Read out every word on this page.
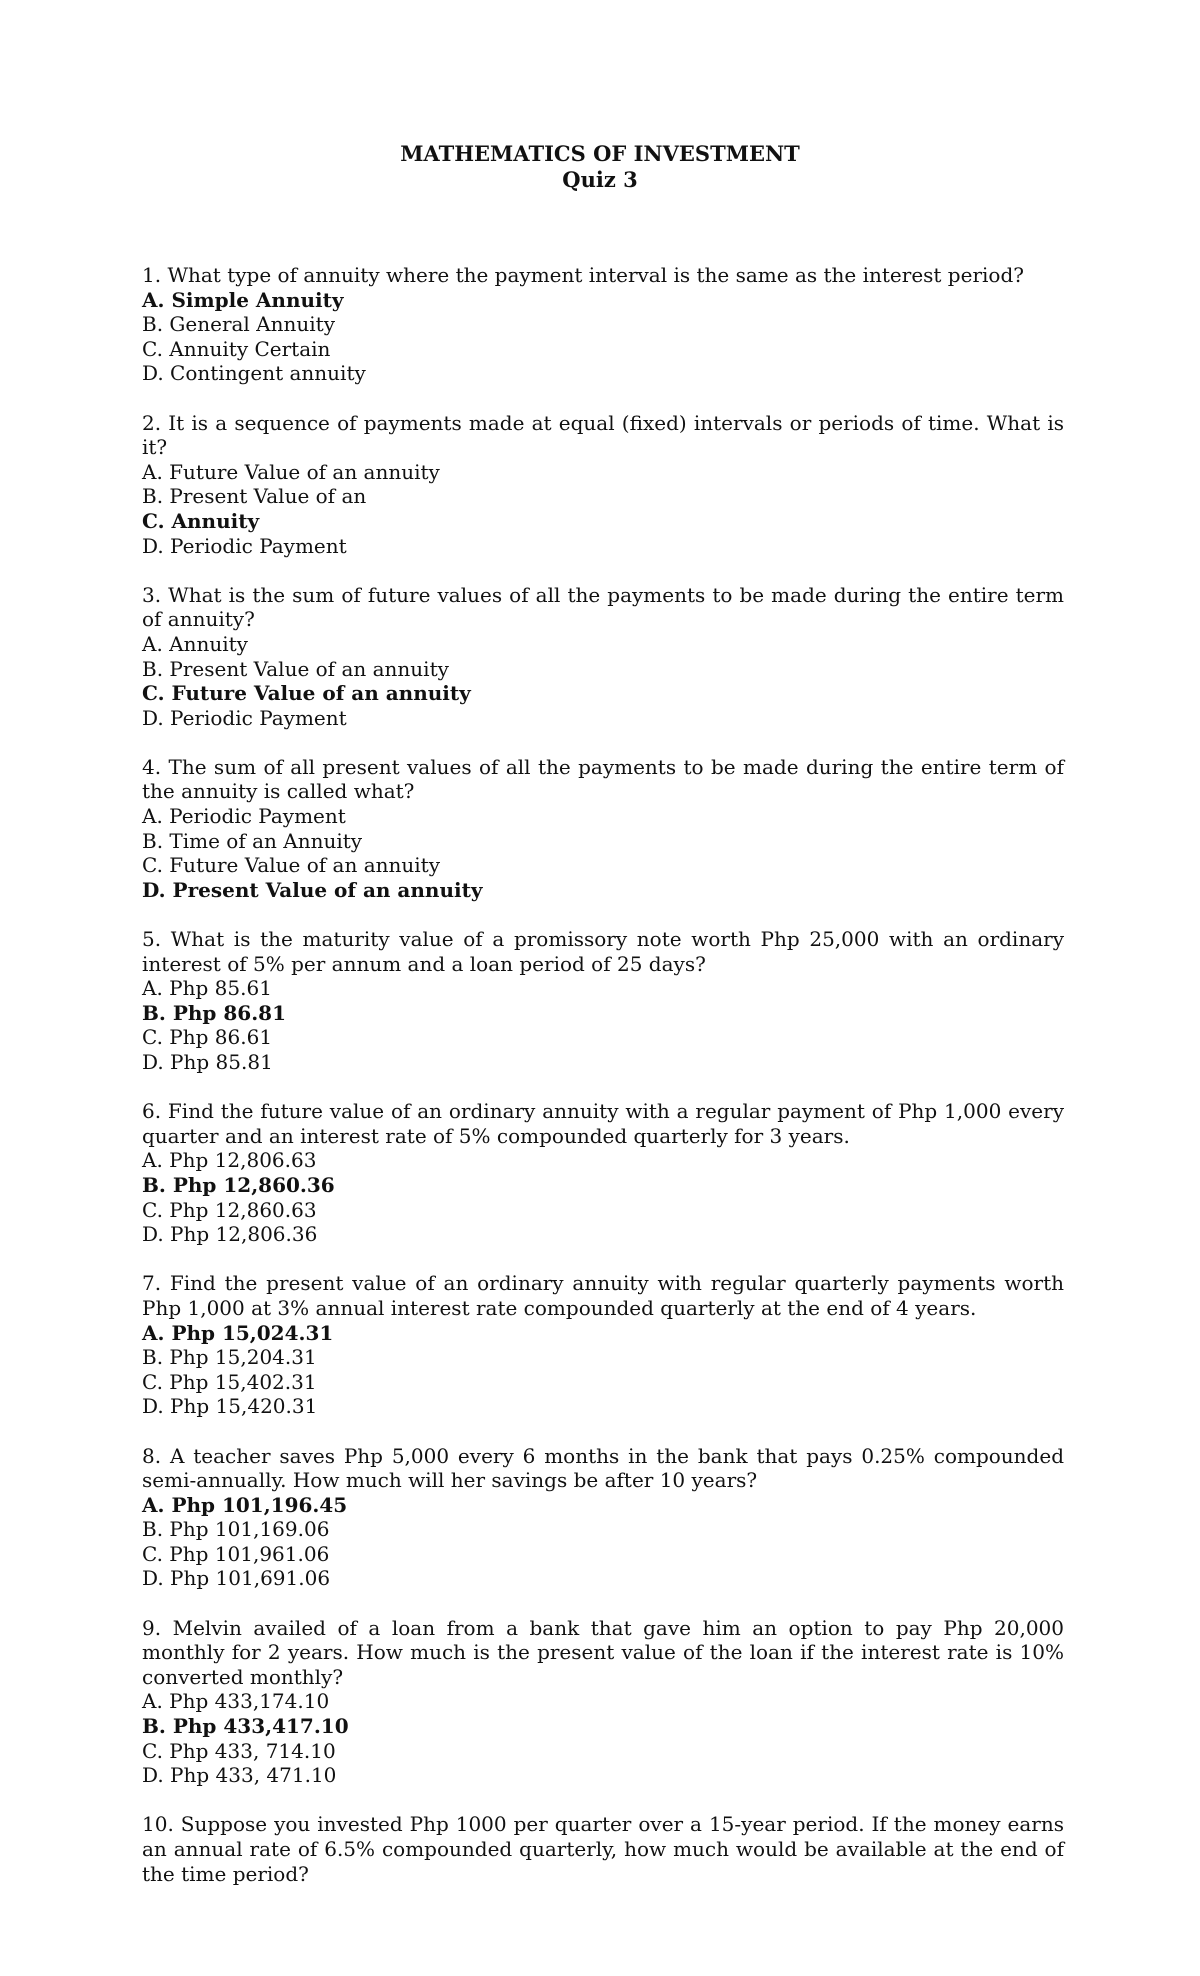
MATHEMATICS OF INVESTMENT
Quiz 3
1. What type of annuity where the payment interval is the same as the interest period?
A. Simple Annuity
B. General Annuity
C. Annuity Certain
D. Contingent annuity
2. It is a sequence of payments made at equal (fixed) intervals or periods of time. What is it?
A. Future Value of an annuity
B. Present Value of an
C. Annuity
D. Periodic Payment
3. What is the sum of future values of all the payments to be made during the entire term of annuity?
A. Annuity
B. Present Value of an annuity
C. Future Value of an annuity
D. Periodic Payment
4. The sum of all present values of all the payments to be made during the entire term of the annuity is called what?
A. Periodic Payment
B. Time of an Annuity
C. Future Value of an annuity
D. Present Value of an annuity
5. What is the maturity value of a promissory note worth Php 25,000 with an ordinary interest of 5% per annum and a loan period of 25 days?
A. Php 85.61
B. Php 86.81
C. Php 86.61
D. Php 85.81
6. Find the future value of an ordinary annuity with a regular payment of Php 1,000 every quarter and an interest rate of 5% compounded quarterly for 3 years.
A. Php 12,806.63
B. Php 12,860.36
C. Php 12,860.63
D. Php 12,806.36
7. Find the present value of an ordinary annuity with regular quarterly payments worth Php 1,000 at 3% annual interest rate compounded quarterly at the end of 4 years.
A. Php 15,024.31
B. Php 15,204.31
C. Php 15,402.31
D. Php 15,420.31
8. A teacher saves Php 5,000 every 6 months in the bank that pays 0.25% compounded semi-annually. How much will her savings be after 10 years?
A. Php 101,196.45
B. Php 101,169.06
C. Php 101,961.06
D. Php 101,691.06
9. Melvin availed of a loan from a bank that gave him an option to pay Php 20,000 monthly for 2 years. How much is the present value of the loan if the interest rate is 10% converted monthly?
A. Php 433,174.10
B. Php 433,417.10
C. Php 433, 714.10
D. Php 433, 471.10
10. Suppose you invested Php 1000 per quarter over a 15-year period. If the money earns an annual rate of 6.5% compounded quarterly, how much would be available at the end of the time period?
